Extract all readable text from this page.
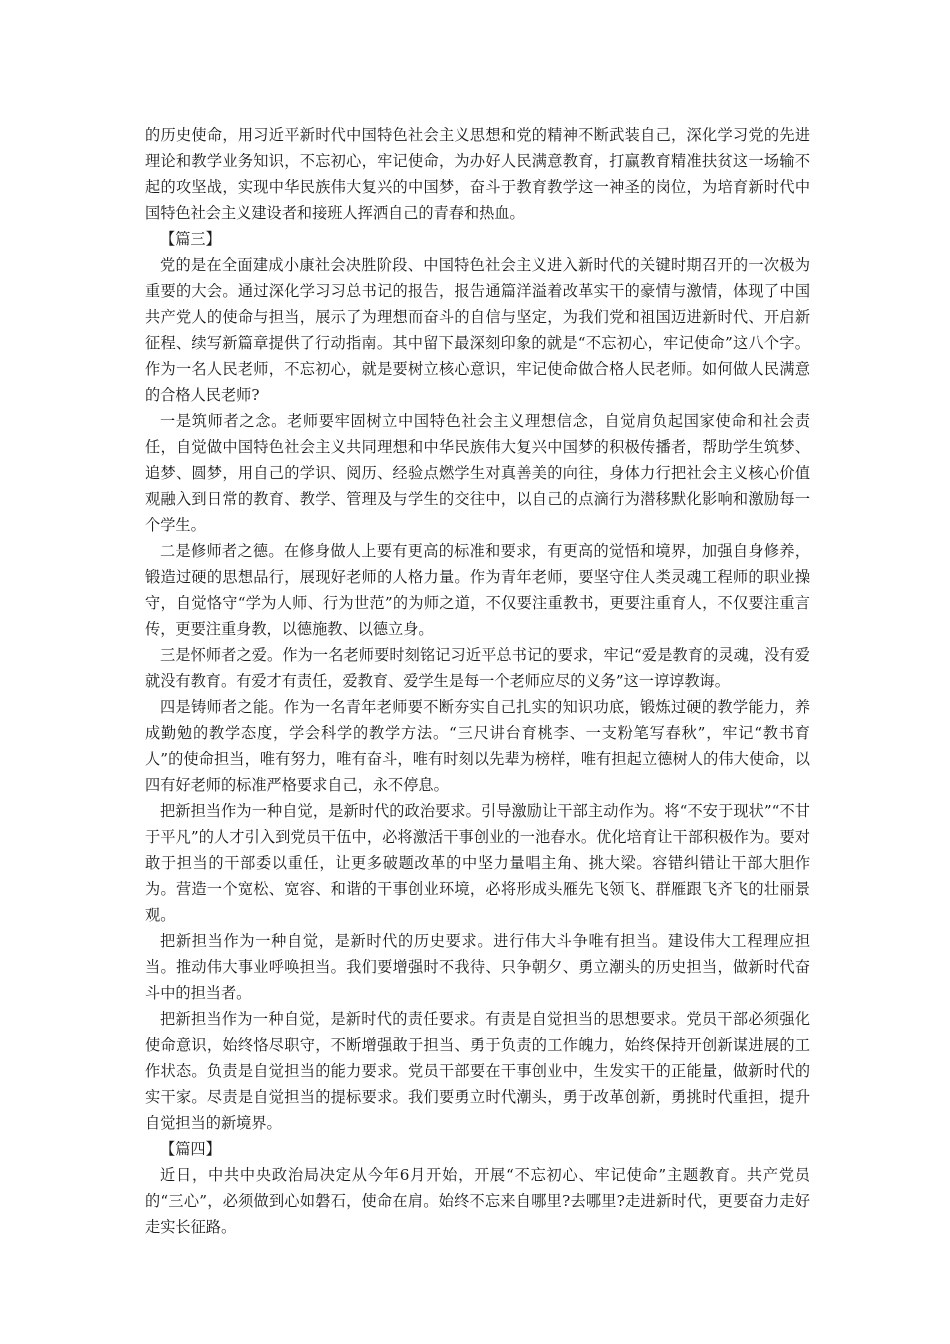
的历史使命，用习近平新时代中国特色社会主义思想和党的精神不断武装自己，深化学习党的先进理论和教学业务知识，不忘初心，牢记使命，为办好人民满意教育，打赢教育精准扶贫这一场输不起的攻坚战，实现中华民族伟大复兴的中国梦，奋斗于教育教学这一神圣的岗位，为培育新时代中国特色社会主义建设者和接班人挥洒自己的青春和热血。

【篇三】

党的是在全面建成小康社会决胜阶段、中国特色社会主义进入新时代的关键时期召开的一次极为重要的大会。通过深化学习习总书记的报告，报告通篇洋溢着改革实干的豪情与激情，体现了中国共产党人的使命与担当，展示了为理想而奋斗的自信与坚定，为我们党和祖国迈进新时代、开启新征程、续写新篇章提供了行动指南。其中留下最深刻印象的就是“不忘初心，牢记使命”这八个字。作为一名人民老师，不忘初心，就是要树立核心意识，牢记使命做合格人民老师。如何做人民满意的合格人民老师?

一是筑师者之念。老师要牢固树立中国特色社会主义理想信念，自觉肩负起国家使命和社会责任，自觉做中国特色社会主义共同理想和中华民族伟大复兴中国梦的积极传播者，帮助学生筑梦、追梦、圆梦，用自己的学识、阅历、经验点燃学生对真善美的向往，身体力行把社会主义核心价值观融入到日常的教育、教学、管理及与学生的交往中，以自己的点滴行为潜移默化影响和激励每一个学生。

二是修师者之德。在修身做人上要有更高的标准和要求，有更高的觉悟和境界，加强自身修养，锻造过硬的思想品行，展现好老师的人格力量。作为青年老师，要坚守住人类灵魂工程师的职业操守，自觉恪守“学为人师、行为世范”的为师之道，不仅要注重教书，更要注重育人，不仅要注重言传，更要注重身教，以德施教、以德立身。

三是怀师者之爱。作为一名老师要时刻铭记习近平总书记的要求，牢记“爱是教育的灵魂，没有爱就没有教育。有爱才有责任，爱教育、爱学生是每一个老师应尽的义务”这一谆谆教诲。

四是铸师者之能。作为一名青年老师要不断夯实自己扎实的知识功底，锻炼过硬的教学能力，养成勤勉的教学态度，学会科学的教学方法。“三尺讲台育桃李、一支粉笔写春秋”，牢记“教书育人”的使命担当，唯有努力，唯有奋斗，唯有时刻以先辈为榜样，唯有担起立德树人的伟大使命，以四有好老师的标准严格要求自己，永不停息。

把新担当作为一种自觉，是新时代的政治要求。引导激励让干部主动作为。将“不安于现状”“不甘于平凡”的人才引入到党员干伍中，必将激活干事创业的一池春水。优化培育让干部积极作为。要对敢于担当的干部委以重任，让更多破题改革的中坚力量唱主角、挑大梁。容错纠错让干部大胆作为。营造一个宽松、宽容、和谐的干事创业环境，必将形成头雁先飞领飞、群雁跟飞齐飞的壮丽景观。

把新担当作为一种自觉，是新时代的历史要求。进行伟大斗争唯有担当。建设伟大工程理应担当。推动伟大事业呼唤担当。我们要增强时不我待、只争朝夕、勇立潮头的历史担当，做新时代奋斗中的担当者。

把新担当作为一种自觉，是新时代的责任要求。有责是自觉担当的思想要求。党员干部必须强化使命意识，始终恪尽职守，不断增强敢于担当、勇于负责的工作魄力，始终保持开创新谋进展的工作状态。负责是自觉担当的能力要求。党员干部要在干事创业中，生发实干的正能量，做新时代的实干家。尽责是自觉担当的提标要求。我们要勇立时代潮头，勇于改革创新，勇挑时代重担，提升自觉担当的新境界。

【篇四】

近日，中共中央政治局决定从今年6月开始，开展“不忘初心、牢记使命”主题教育。共产党员的“三心”，必须做到心如磐石，使命在肩。始终不忘来自哪里?去哪里?走进新时代，更要奋力走好走实长征路。
